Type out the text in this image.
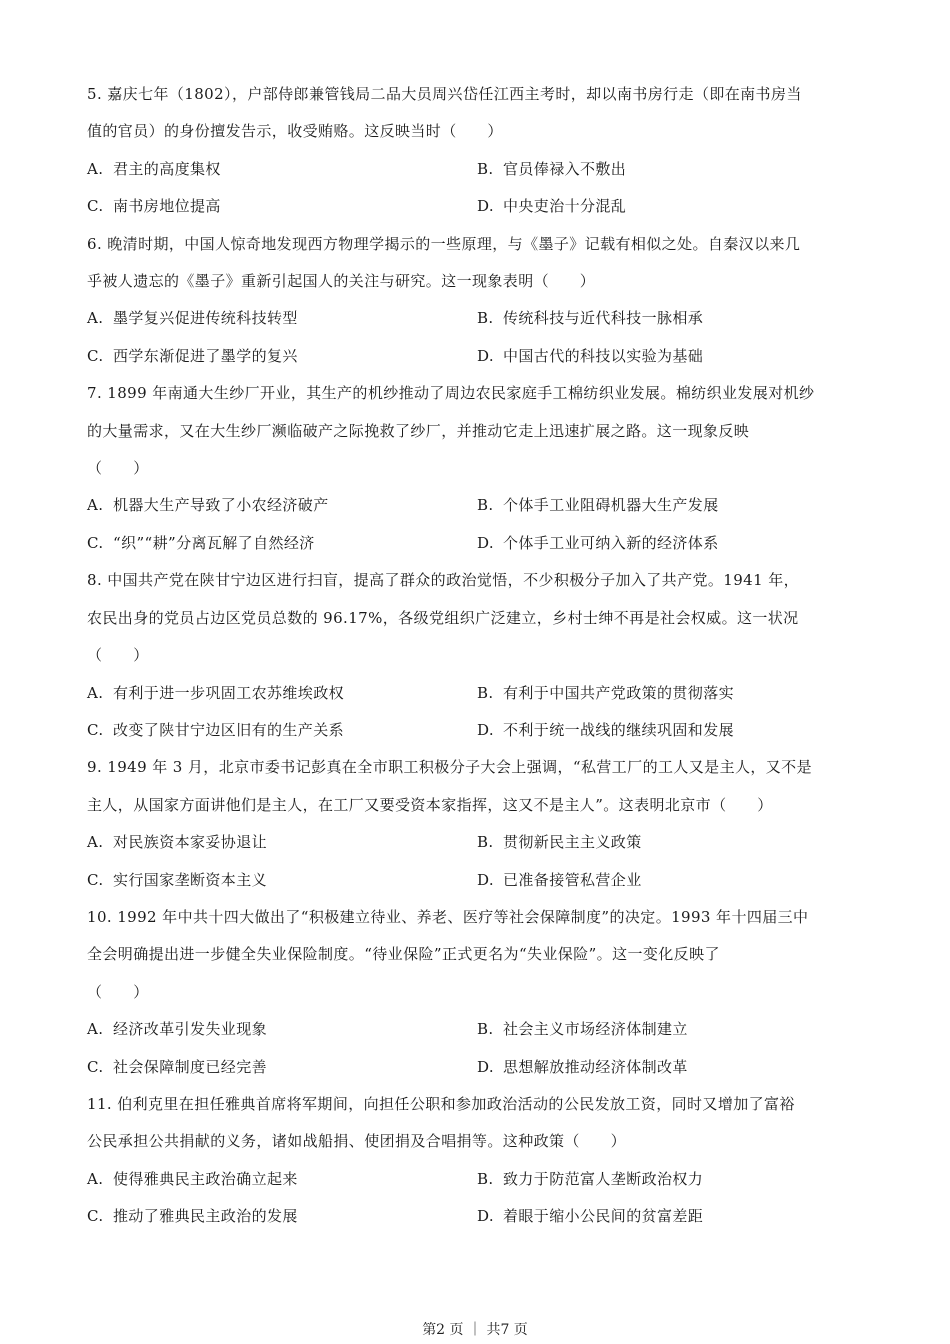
5. 嘉庆七年（1802），户部侍郎兼管钱局二品大员周兴岱任江西主考时，却以南书房行走（即在南书房当
值的官员）的身份擅发告示，收受贿赂。这反映当时（　　）
A. 君主的高度集权	B. 官员俸禄入不敷出
C. 南书房地位提高	D. 中央吏治十分混乱
6. 晚清时期，中国人惊奇地发现西方物理学揭示的一些原理，与《墨子》记载有相似之处。自秦汉以来几
乎被人遗忘的《墨子》重新引起国人的关注与研究。这一现象表明（　　）
A. 墨学复兴促进传统科技转型	B. 传统科技与近代科技一脉相承
C. 西学东渐促进了墨学的复兴	D. 中国古代的科技以实验为基础
7. 1899 年南通大生纱厂开业，其生产的机纱推动了周边农民家庭手工棉纺织业发展。棉纺织业发展对机纱
的大量需求，又在大生纱厂濒临破产之际挽救了纱厂，并推动它走上迅速扩展之路。这一现象反映
（　　）
A. 机器大生产导致了小农经济破产	B. 个体手工业阻碍机器大生产发展
C. “织”“耕”分离瓦解了自然经济	D. 个体手工业可纳入新的经济体系
8. 中国共产党在陕甘宁边区进行扫盲，提高了群众的政治觉悟，不少积极分子加入了共产党。1941 年，
农民出身的党员占边区党员总数的 96.17%，各级党组织广泛建立，乡村士绅不再是社会权威。这一状况
（　　）
A. 有利于进一步巩固工农苏维埃政权	B. 有利于中国共产党政策的贯彻落实
C. 改变了陕甘宁边区旧有的生产关系	D. 不利于统一战线的继续巩固和发展
9. 1949 年 3 月，北京市委书记彭真在全市职工积极分子大会上强调，“私营工厂的工人又是主人，又不是
主人，从国家方面讲他们是主人，在工厂又要受资本家指挥，这又不是主人”。这表明北京市（　　）
A. 对民族资本家妥协退让	B. 贯彻新民主主义政策
C. 实行国家垄断资本主义	D. 已准备接管私营企业
10. 1992 年中共十四大做出了“积极建立待业、养老、医疗等社会保障制度”的决定。1993 年十四届三中
全会明确提出进一步健全失业保险制度。“待业保险”正式更名为“失业保险”。这一变化反映了
（　　）
A. 经济改革引发失业现象	B. 社会主义市场经济体制建立
C. 社会保障制度已经完善	D. 思想解放推动经济体制改革
11. 伯利克里在担任雅典首席将军期间，向担任公职和参加政治活动的公民发放工资，同时又增加了富裕
公民承担公共捐献的义务，诸如战船捐、使团捐及合唱捐等。这种政策（　　）
A. 使得雅典民主政治确立起来	B. 致力于防范富人垄断政治权力
C. 推动了雅典民主政治的发展	D. 着眼于缩小公民间的贫富差距
第2 页 ｜ 共7 页
